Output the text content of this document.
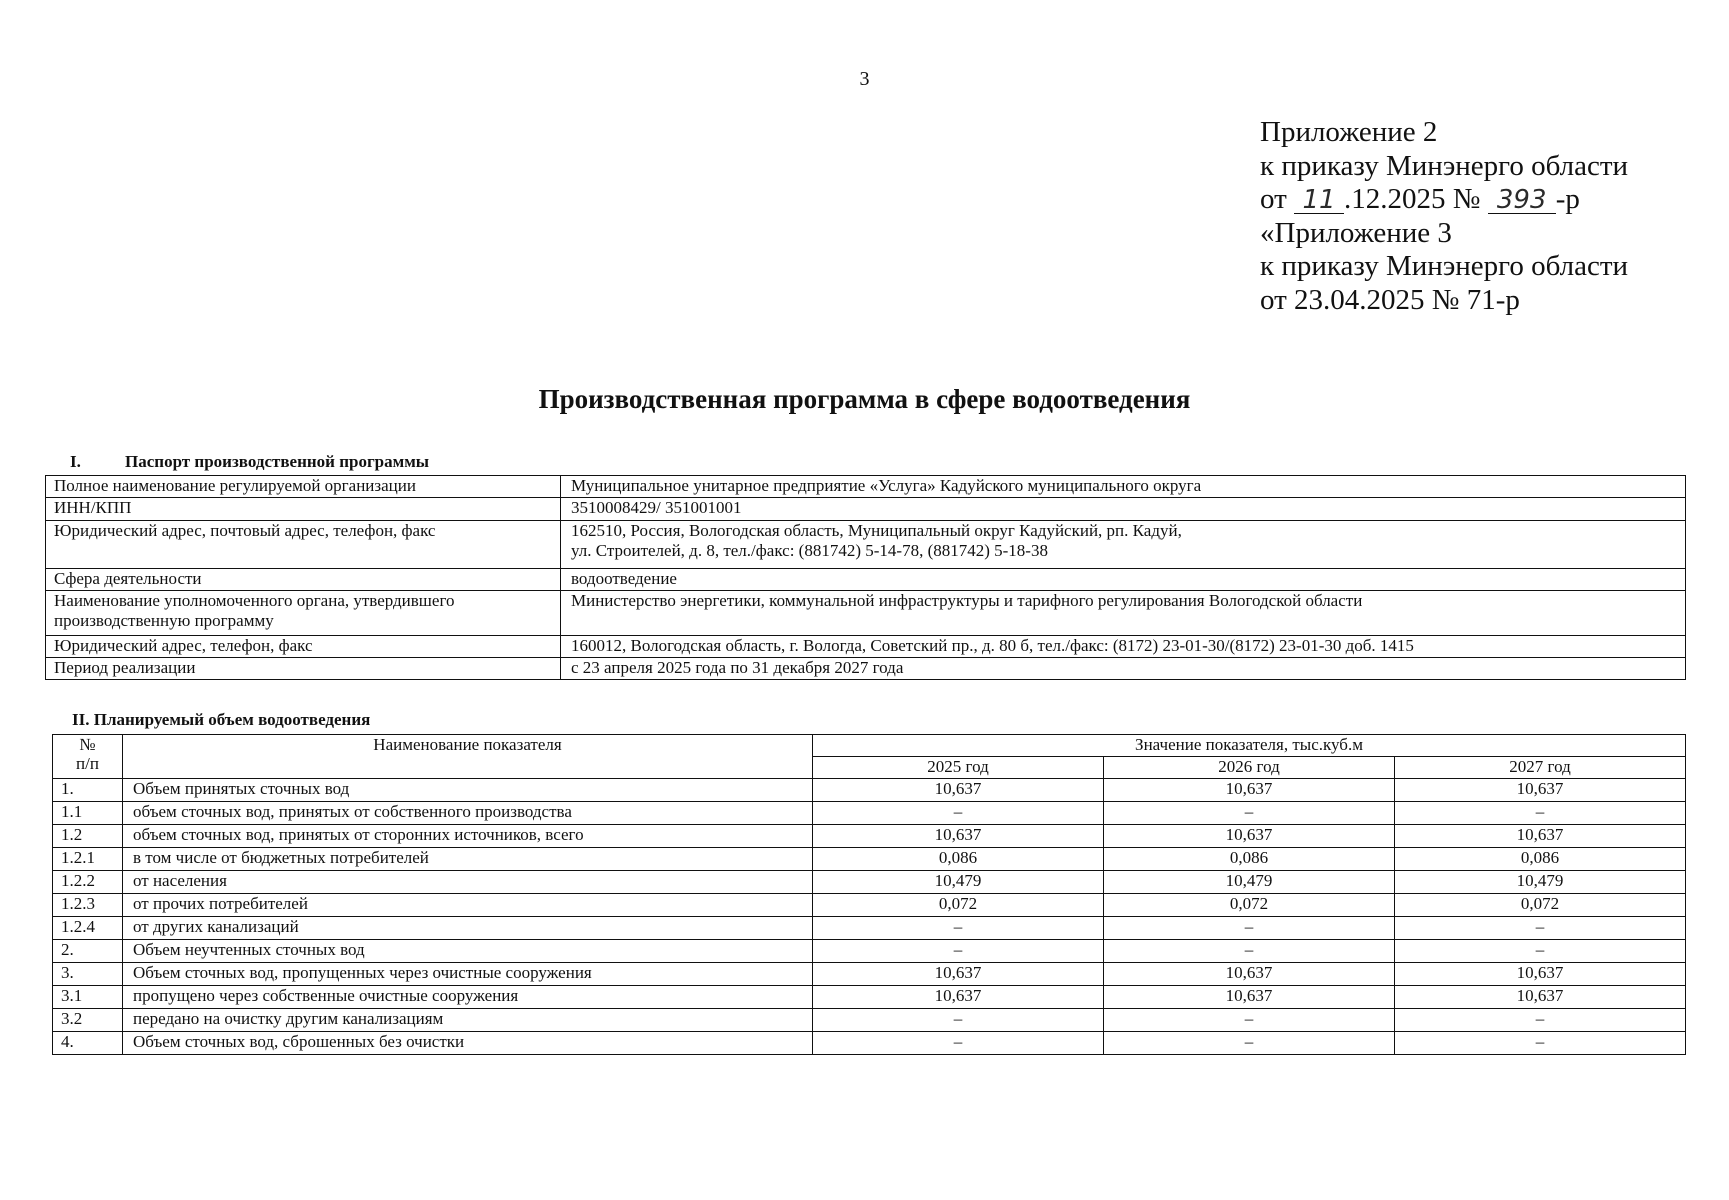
3
Приложение 2
к приказу Минэнерго области
от 11 .12.2025 № 393 -р
«Приложение 3
к приказу Минэнерго области
от 23.04.2025 № 71-р
Производственная программа в сфере водоотведения
I.	Паспорт производственной программы
Полное наименование регулируемой организации	Муниципальное унитарное предприятие «Услуга» Кадуйского муниципального округа
ИНН/КПП	3510008429/ 351001001
Юридический адрес, почтовый адрес, телефон, факс	162510, Россия, Вологодская область, Муниципальный округ Кадуйский, рп. Кадуй,
ул. Строителей, д. 8, тел./факс: (881742) 5-14-78, (881742) 5-18-38

Сфера деятельности	водоотведение

Наименование уполномоченного органа, утвердившего
производственную программу	Министерство энергетики, коммунальной инфраструктуры и тарифного регулирования Вологодской области
Юридический адрес, телефон, факс	160012, Вологодская область, г. Вологда, Советский пр., д. 80 б, тел./факс: (8172) 23-01-30/(8172) 23-01-30 доб. 1415
Период реализации	с 23 апреля 2025 года по 31 декабря 2027 года
II. Планируемый объем водоотведения
№
п/п	Наименование показателя	Значение показателя, тыс.куб.м		
		2025 год	2026 год	2027 год
1.	Объем принятых сточных вод	10,637	10,637	10,637
1.1	объем сточных вод, принятых от собственного производства	–	–	–
1.2	объем сточных вод, принятых от сторонних источников, всего	10,637	10,637	10,637
1.2.1	в том числе от бюджетных потребителей	0,086	0,086	0,086
1.2.2	от населения	10,479	10,479	10,479
1.2.3	от прочих потребителей	0,072	0,072	0,072
1.2.4	от других канализаций	–	–	–
2.	Объем неучтенных сточных вод	–	–	–
3.	Объем сточных вод, пропущенных через очистные сооружения	10,637	10,637	10,637
3.1	пропущено через собственные очистные сооружения	10,637	10,637	10,637
3.2	передано на очистку другим канализациям	–	–	–
4.	Объем сточных вод, сброшенных без очистки	–	–	–
